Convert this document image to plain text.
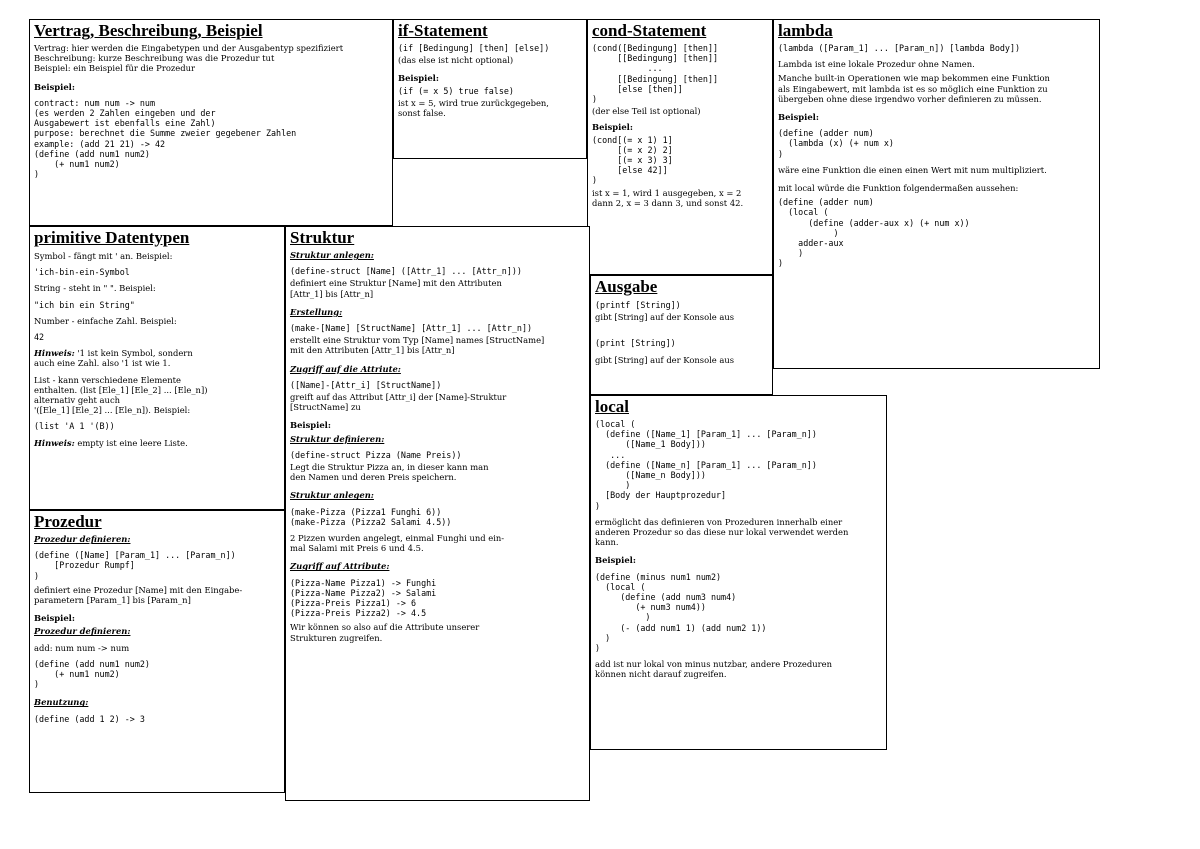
Vertrag, Beschreibung, Beispiel
Vertrag: hier werden die Eingabetypen und der Ausgabentyp spezifiziert
Beschreibung: kurze Beschreibung was die Prozedur tut
Beispiel: ein Beispiel für die Prozedur
Beispiel:
contract: num num -> num
(es werden 2 Zahlen eingeben und der
Ausgabewert ist ebenfalls eine Zahl)
purpose: berechnet die Summe zweier gegebener Zahlen
example: (add 21 21) -> 42
(define (add num1 num2)
(+ num1 num2)
)
if-Statement
(if [Bedingung] [then] [else])
(das else ist nicht optional)
Beispiel:
(if (= x 5) true false)
ist x = 5, wird true zurückgegeben,
sonst false.
cond-Statement
(cond([Bedingung] [then]]
[[Bedingung] [then]]
...
[[Bedingung] [then]]
[else [then]]
)
(der else Teil ist optional)
Beispiel:
(cond[(= x 1) 1]
[(= x 2) 2]
[(= x 3) 3]
[else 42]]
)
ist x = 1, wird 1 ausgegeben, x = 2
dann 2, x = 3 dann 3, und sonst 42.
lambda
(lambda ([Param_1] ... [Param_n]) [lambda Body])
Lambda ist eine lokale Prozedur ohne Namen.
Manche built-in Operationen wie map bekommen eine Funktion
als Eingabewert, mit lambda ist es so möglich eine Funktion zu
übergeben ohne diese irgendwo vorher definieren zu müssen.
Beispiel:
(define (adder num)
(lambda (x) (+ num x)
)
wäre eine Funktion die einen einen Wert mit num multipliziert.
mit local würde die Funktion folgendermaßen aussehen:
(define (adder num)
(local (
(define (adder-aux x) (+ num x))
)
adder-aux
)
)
primitive Datentypen
Symbol - fängt mit ' an. Beispiel:
'ich-bin-ein-Symbol
String - steht in " ". Beispiel:
"ich bin ein String"
Number - einfache Zahl. Beispiel:
42
Hinweis: '1 ist kein Symbol, sondern
auch eine Zahl. also '1 ist wie 1.
List - kann verschiedene Elemente
enthalten. (list [Ele_1] [Ele_2] ... [Ele_n])
alternativ geht auch
'([Ele_1] [Ele_2] ... [Ele_n]). Beispiel:
(list 'A 1 '(B))
Hinweis: empty ist eine leere Liste.
Struktur
Struktur anlegen:
(define-struct [Name] ([Attr_1] ... [Attr_n]))
definiert eine Struktur [Name] mit den Attributen
[Attr_1] bis [Attr_n]
Erstellung:
(make-[Name] [StructName] [Attr_1] ... [Attr_n])
erstellt eine Struktur vom Typ [Name] names [StructName]
mit den Attributen [Attr_1] bis [Attr_n]
Zugriff auf die Attriute:
([Name]-[Attr_i] [StructName])
greift auf das Attribut [Attr_i] der [Name]-Struktur
[StructName] zu
Beispiel:
Struktur definieren:
(define-struct Pizza (Name Preis))
Legt die Struktur Pizza an, in dieser kann man
den Namen und deren Preis speichern.
Struktur anlegen:
(make-Pizza (Pizza1 Funghi 6))
(make-Pizza (Pizza2 Salami 4.5))
2 Pizzen wurden angelegt, einmal Funghi und ein-
mal Salami mit Preis 6 und 4.5.
Zugriff auf Attribute:
(Pizza-Name Pizza1) -> Funghi
(Pizza-Name Pizza2) -> Salami
(Pizza-Preis Pizza1) -> 6
(Pizza-Preis Pizza2) -> 4.5
Wir können so also auf die Attribute unserer
Strukturen zugreifen.
Ausgabe
(printf [String])
gibt [String] auf der Konsole aus
(print [String])
gibt [String] auf der Konsole aus
local
(local (
(define ([Name_1] [Param_1] ... [Param_n])
([Name_1 Body]))
...
(define ([Name_n] [Param_1] ... [Param_n])
([Name_n Body]))
)
[Body der Hauptprozedur]
)
ermöglicht das definieren von Prozeduren innerhalb einer
anderen Prozedur so das diese nur lokal verwendet werden
kann.
Beispiel:
(define (minus num1 num2)
(local (
(define (add num3 num4)
(+ num3 num4))
)
(- (add num1 1) (add num2 1))
)
)
add ist nur lokal von minus nutzbar, andere Prozeduren
können nicht darauf zugreifen.
Prozedur
Prozedur definieren:
(define ([Name] [Param_1] ... [Param_n])
[Prozedur Rumpf]
)
definiert eine Prozedur [Name] mit den Eingabe-
parametern [Param_1] bis [Param_n]
Beispiel:
Prozedur definieren:
add: num num -> num
(define (add num1 num2)
(+ num1 num2)
)
Benutzung:
(define (add 1 2) -> 3
